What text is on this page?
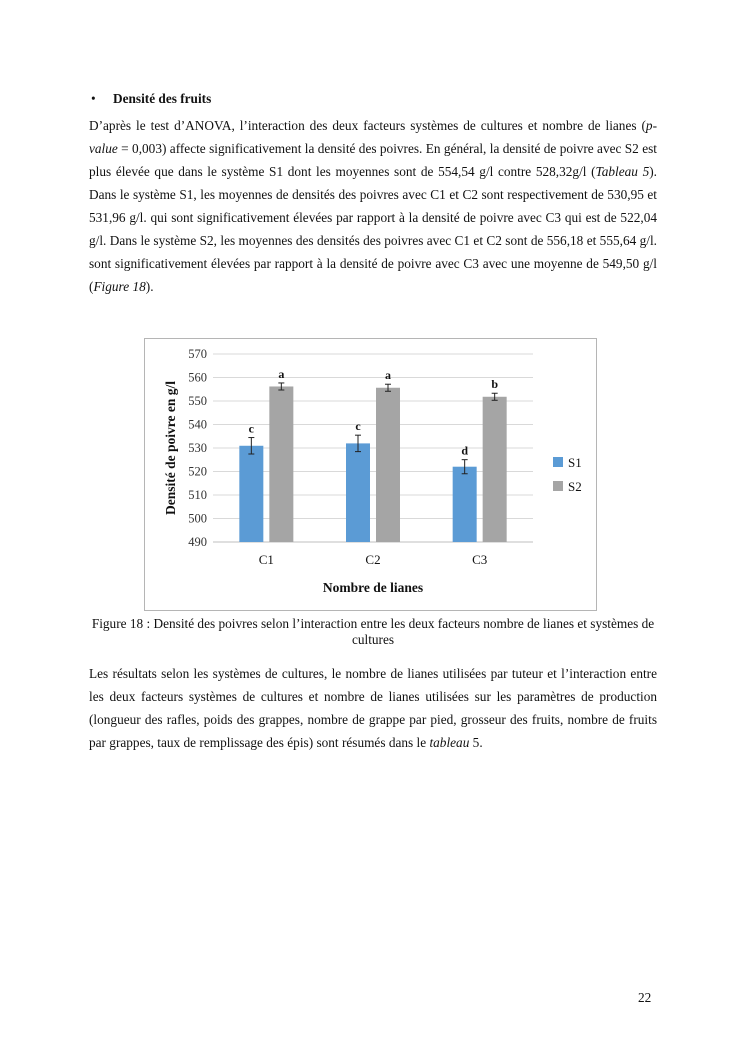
• Densité des fruits
D’après le test d’ANOVA, l’interaction des deux facteurs systèmes de cultures et nombre de lianes (p-value = 0,003) affecte significativement la densité des poivres. En général, la densité de poivre avec S2 est plus élevée que dans le système S1 dont les moyennes sont de 554,54 g/l contre 528,32g/l (Tableau 5). Dans le système S1, les moyennes de densités des poivres avec C1 et C2 sont respectivement de 530,95 et 531,96 g/l. qui sont significativement élevées par rapport à la densité de poivre avec C3 qui est de 522,04 g/l. Dans le système S2, les moyennes des densités des poivres avec C1 et C2 sont de 556,18 et 555,64 g/l. sont significativement élevées par rapport à la densité de poivre avec C3 avec une moyenne de 549,50 g/l (Figure 18).
490
500
510
520
530
540
550
560
570
C1
c
a
C2
c
a
C3
d
b
Nombre de lianes
Densité de poivre en g/l	S1
S2
Figure 18 : Densité des poivres selon l’interaction entre les deux facteurs nombre de lianes et systèmes de cultures
Les résultats selon les systèmes de cultures, le nombre de lianes utilisées par tuteur et l’interaction entre les deux facteurs systèmes de cultures et nombre de lianes utilisées sur les paramètres de production (longueur des rafles, poids des grappes, nombre de grappe par pied, grosseur des fruits, nombre de fruits par grappes, taux de remplissage des épis) sont résumés dans le tableau 5.
22
